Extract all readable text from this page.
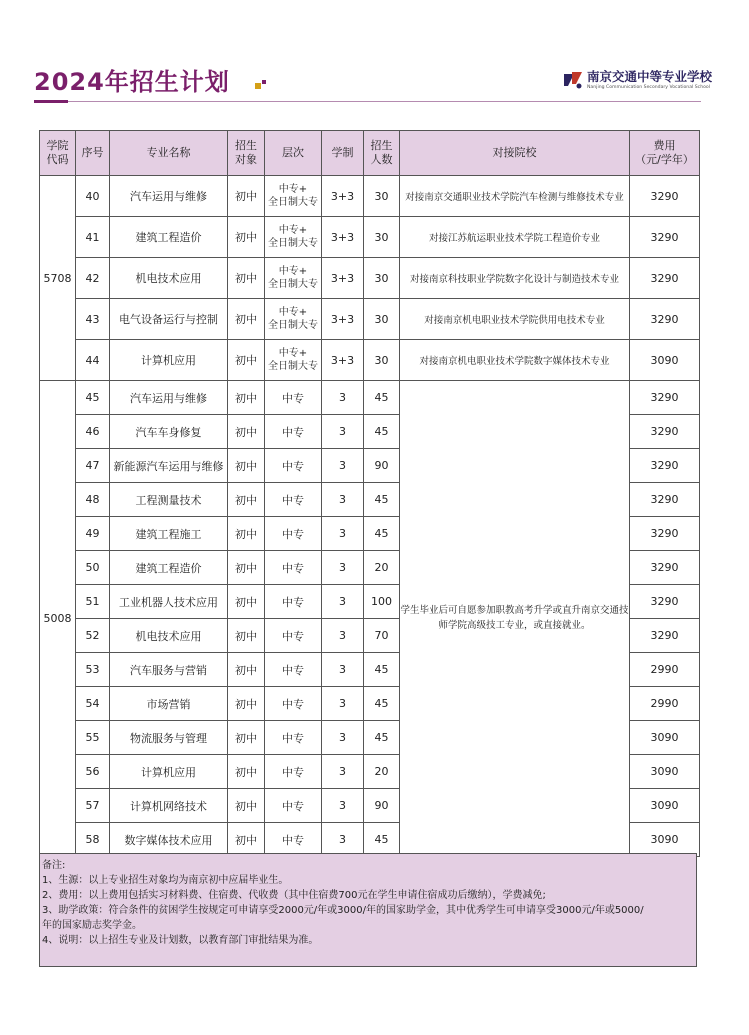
2024年招生计划	南京交通中等专业学校
Nanjing Communication Secondary Vocational School
学院
代码	序号	专业名称	招生
对象	层次	学制	招生
人数	对接院校	费用
（元/学年）
5708	40	汽车运用与维修	初中	中专+
全日制大专	3+3	30	对接南京交通职业技术学院汽车检测与维修技术专业	3290
	41	建筑工程造价	初中	中专+
全日制大专	3+3	30	对接江苏航运职业技术学院工程造价专业	3290
	42	机电技术应用	初中	中专+
全日制大专	3+3	30	对接南京科技职业学院数字化设计与制造技术专业	3290
	43	电气设备运行与控制	初中	中专+
全日制大专	3+3	30	对接南京机电职业技术学院供用电技术专业	3290
	44	计算机应用	初中	中专+
全日制大专	3+3	30	对接南京机电职业技术学院数字媒体技术专业	3090
5008	45	汽车运用与维修	初中	中专	3	45	学生毕业后可自愿参加职教高考升学或直升南京交通技师学院高级技工专业，或直接就业。	3290
	46	汽车车身修复	初中	中专	3	45		3290
	47	新能源汽车运用与维修	初中	中专	3	90		3290
	48	工程测量技术	初中	中专	3	45		3290
	49	建筑工程施工	初中	中专	3	45		3290
	50	建筑工程造价	初中	中专	3	20		3290
	51	工业机器人技术应用	初中	中专	3	100		3290
	52	机电技术应用	初中	中专	3	70		3290
	53	汽车服务与营销	初中	中专	3	45		2990
	54	市场营销	初中	中专	3	45		2990
	55	物流服务与管理	初中	中专	3	45		3090
	56	计算机应用	初中	中专	3	20		3090
	57	计算机网络技术	初中	中专	3	90		3090
	58	数字媒体技术应用	初中	中专	3	45		3090
备注:
1、生源：以上专业招生对象均为南京初中应届毕业生。
2、费用：以上费用包括实习材料费、住宿费、代收费（其中住宿费700元在学生申请住宿成功后缴纳），学费减免;
3、助学政策：符合条件的贫困学生按规定可申请享受2000元/年或3000/年的国家助学金，其中优秀学生可申请享受3000元/年或5000/
年的国家励志奖学金。
4、说明：以上招生专业及计划数，以教育部门审批结果为准。
